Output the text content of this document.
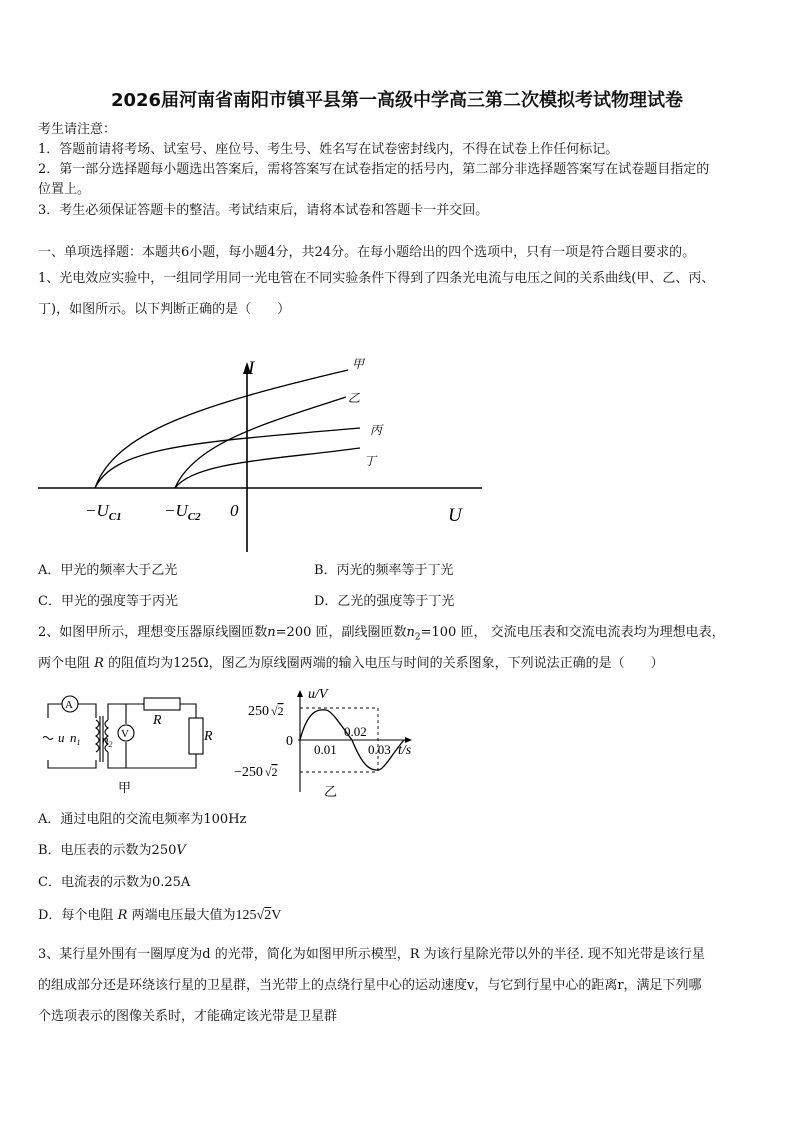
2026届河南省南阳市镇平县第一高级中学高三第二次模拟考试物理试卷
考生请注意：
1．答题前请将考场、试室号、座位号、考生号、姓名写在试卷密封线内，不得在试卷上作任何标记。
2．第一部分选择题每小题选出答案后，需将答案写在试卷指定的括号内，第二部分非选择题答案写在试卷题目指定的
位置上。
3．考生必须保证答题卡的整洁。考试结束后，请将本试卷和答题卡一并交回。
一、单项选择题：本题共6小题，每小题4分，共24分。在每小题给出的四个选项中，只有一项是符合题目要求的。
1、光电效应实验中，一组同学用同一光电管在不同实验条件下得到了四条光电流与电压之间的关系曲线(甲、乙、丙、
丁)，如图所示。以下判断正确的是（　　）
I
U
0
$-U_{C1} -U_{C2}$
甲
乙
丙
丁
A．甲光的频率大于乙光	B．丙光的频率等于丁光
C．甲光的强度等于丙光	D．乙光的强度等于丁光
2、如图甲所示，理想变压器原线圈匝数n=200 匝，副线圈匝数$n_2=100$ 匝， 交流电压表和交流电流表均为理想电表，
两个电阻 R 的阻值均为125Ω，图乙为原线圈两端的输入电压与时间的关系图象，下列说法正确的是（　　）
A
V
u $n_1$ $n_2$
R
R
甲
u/V
t/s
250 √2
−250 √2
0
0.01
0.02
0.03
乙
A．通过电阻的交流电频率为100Hz
B．电压表的示数为250V
C．电流表的示数为0.25A
D．每个电阻 R 两端电压最大值为125√2V
3、某行星外围有一圈厚度为d 的光带，简化为如图甲所示模型，R 为该行星除光带以外的半径. 现不知光带是该行星
的组成部分还是环绕该行星的卫星群，当光带上的点绕行星中心的运动速度v，与它到行星中心的距离r，满足下列哪
个选项表示的图像关系时，才能确定该光带是卫星群
